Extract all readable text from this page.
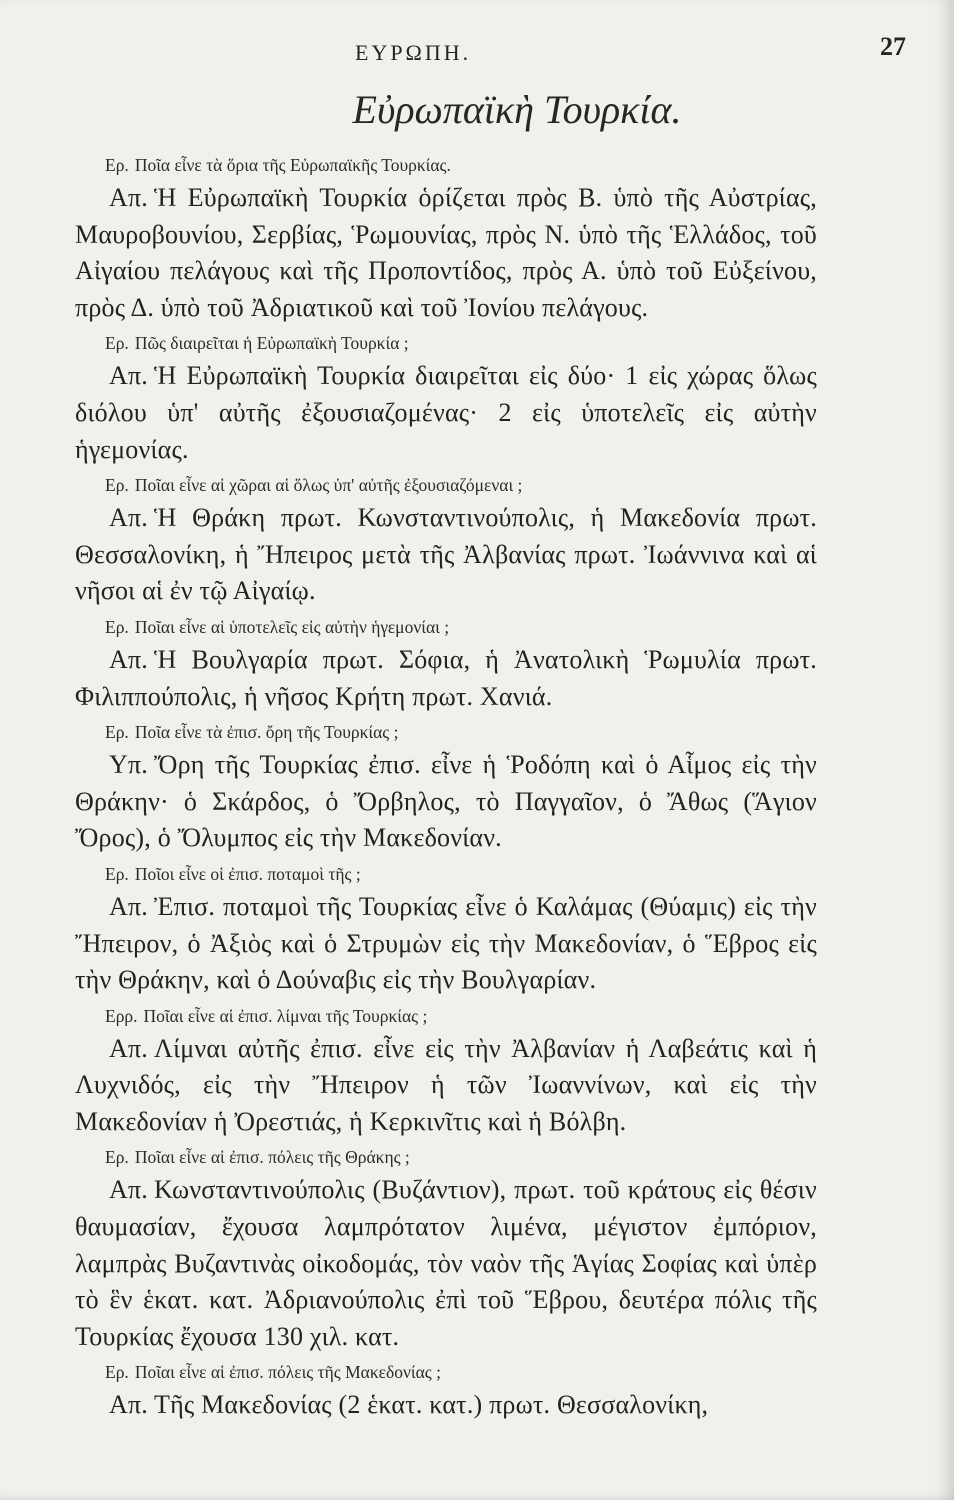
ΕΥΡΩΠΗ.	27
Εὐρωπαϊκὴ Τουρκία.

Ερ. Ποῖα εἶνε τὰ ὅρια τῆς Εὐρωπαϊκῆς Τουρκίας.

Απ. Ἡ Εὐρωπαϊκὴ Τουρκία ὁρίζεται πρὸς Β. ὑπὸ τῆς Αὐστρίας, Μαυροβουνίου, Σερβίας, Ῥωμουνίας, πρὸς Ν. ὑπὸ τῆς Ἑλλάδος, τοῦ Αἰγαίου πελάγους καὶ τῆς Προποντίδος, πρὸς Α. ὑπὸ τοῦ Εὐξείνου, πρὸς Δ. ὑπὸ τοῦ Ἀδριατικοῦ καὶ τοῦ Ἰονίου πελάγους.

Ερ. Πῶς διαιρεῖται ἡ Εὐρωπαϊκὴ Τουρκία ;

Απ. Ἡ Εὐρωπαϊκὴ Τουρκία διαιρεῖται εἰς δύο· 1 εἰς χώρας ὅλως διόλου ὑπ' αὐτῆς ἐξουσιαζομένας· 2 εἰς ὑποτελεῖς εἰς αὐτὴν ἡγεμονίας.

Ερ. Ποῖαι εἶνε αἱ χῶραι αἱ ὅλως ὑπ' αὐτῆς ἐξουσιαζόμεναι ;

Απ. Ἡ Θράκη πρωτ. Κωνσταντινούπολις, ἡ Μακεδονία πρωτ. Θεσσαλονίκη, ἡ Ἤπειρος μετὰ τῆς Ἀλβανίας πρωτ. Ἰωάννινα καὶ αἱ νῆσοι αἱ ἐν τῷ Αἰγαίῳ.

Ερ. Ποῖαι εἶνε αἱ ὑποτελεῖς εἰς αὐτὴν ἡγεμονίαι ;

Απ. Ἡ Βουλγαρία πρωτ. Σόφια, ἡ Ἀνατολικὴ Ῥωμυλία πρωτ. Φιλιππούπολις, ἡ νῆσος Κρήτη πρωτ. Χανιά.

Ερ. Ποῖα εἶνε τὰ ἐπισ. ὄρη τῆς Τουρκίας ;

Υπ. Ὄρη τῆς Τουρκίας ἐπισ. εἶνε ἡ Ῥοδόπη καὶ ὁ Αἷμος εἰς τὴν Θράκην· ὁ Σκάρδος, ὁ Ὄρβηλος, τὸ Παγγαῖον, ὁ Ἄθως (Ἅγιον Ὄρος), ὁ Ὄλυμπος εἰς τὴν Μακεδονίαν.

Ερ. Ποῖοι εἶνε οἱ ἐπισ. ποταμοὶ τῆς ;

Απ. Ἐπισ. ποταμοὶ τῆς Τουρκίας εἶνε ὁ Καλάμας (Θύαμις) εἰς τὴν Ἤπειρον, ὁ Ἀξιὸς καὶ ὁ Στρυμὼν εἰς τὴν Μακεδονίαν, ὁ Ἕβρος εἰς τὴν Θράκην, καὶ ὁ Δούναβις εἰς τὴν Βουλγαρίαν.

Ερρ. Ποῖαι εἶνε αἱ ἐπισ. λίμναι τῆς Τουρκίας ;

Απ. Λίμναι αὐτῆς ἐπισ. εἶνε εἰς τὴν Ἀλβανίαν ἡ Λαβεάτις καὶ ἡ Λυχνιδός, εἰς τὴν Ἤπειρον ἡ τῶν Ἰωαννίνων, καὶ εἰς τὴν Μακεδονίαν ἡ Ὀρεστιάς, ἡ Κερκινῖτις καὶ ἡ Βόλβη.

Ερ. Ποῖαι εἶνε αἱ ἐπισ. πόλεις τῆς Θράκης ;

Απ. Κωνσταντινούπολις (Βυζάντιον), πρωτ. τοῦ κράτους εἰς θέσιν θαυμασίαν, ἔχουσα λαμπρότατον λιμένα, μέγιστον ἐμπόριον, λαμπρὰς Βυζαντινὰς οἰκοδομάς, τὸν ναὸν τῆς Ἁγίας Σοφίας καὶ ὑπὲρ τὸ ἓν ἑκατ. κατ. Ἀδριανούπολις ἐπὶ τοῦ Ἕβρου, δευτέρα πόλις τῆς Τουρκίας ἔχουσα 130 χιλ. κατ.

Ερ. Ποῖαι εἶνε αἱ ἐπισ. πόλεις τῆς Μακεδονίας ;

Απ. Τῆς Μακεδονίας (2 ἑκατ. κατ.) πρωτ. Θεσσαλονίκη,
